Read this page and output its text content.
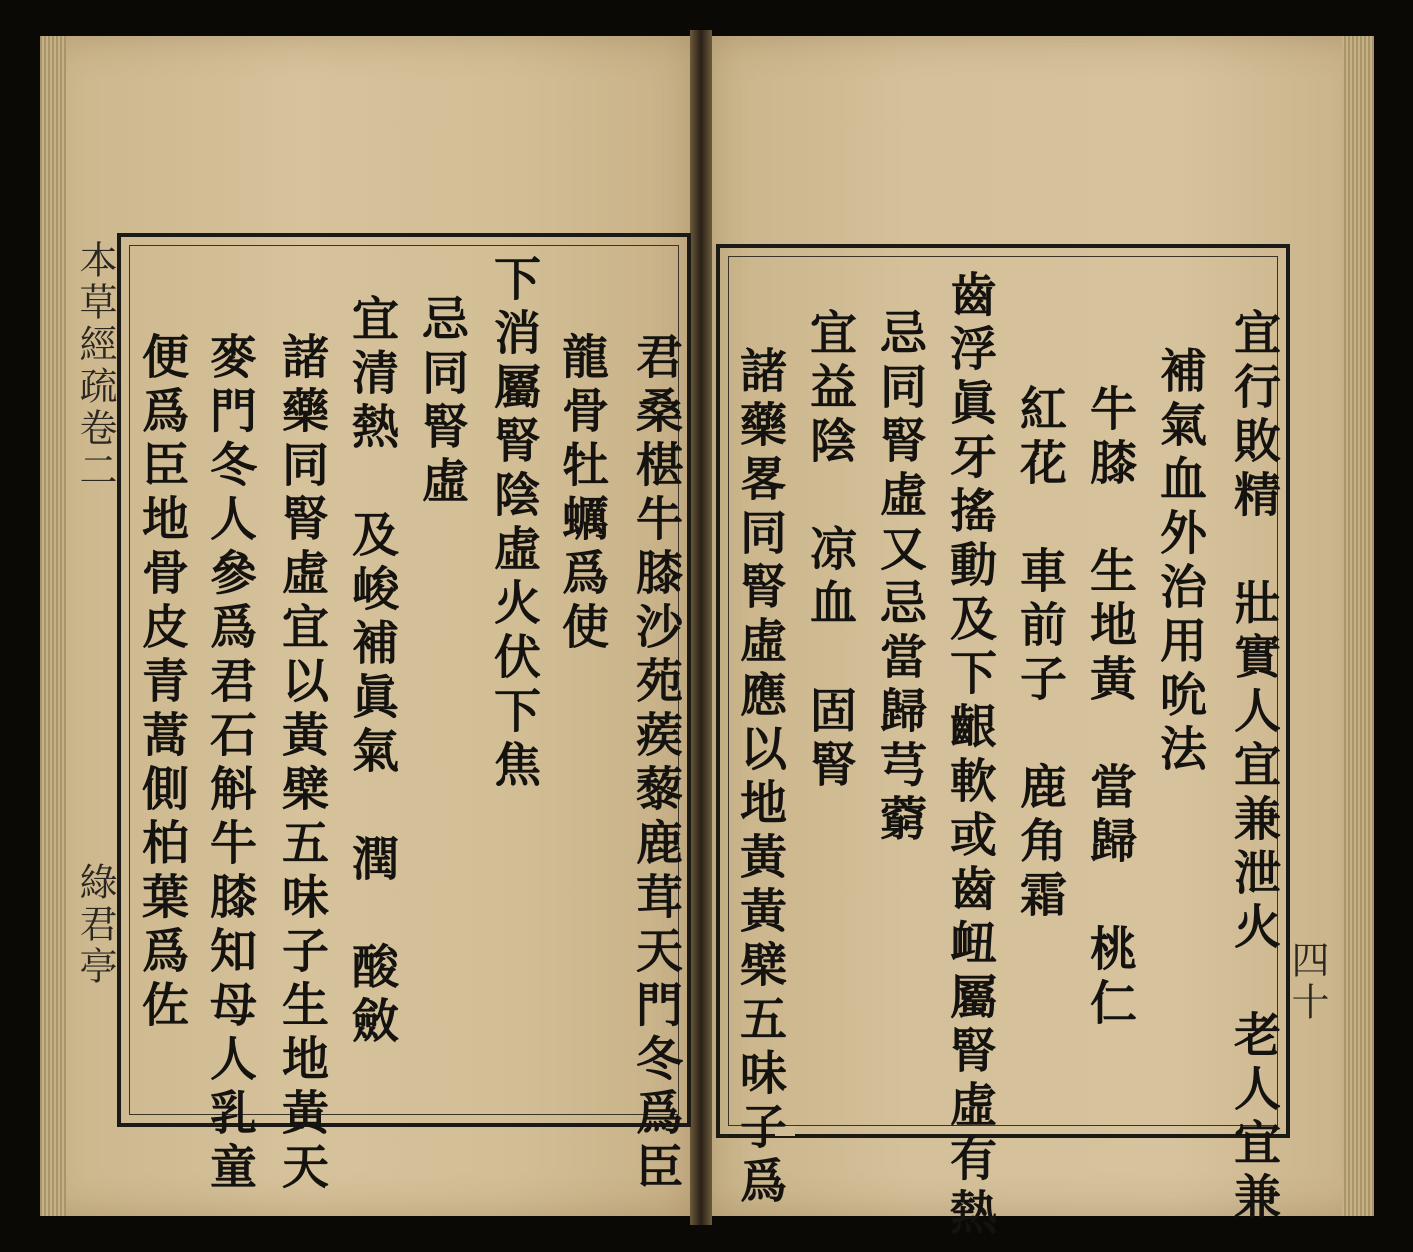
本草經疏卷二
綠君亭	四十
君桑椹牛膝沙苑蒺藜鹿茸天門冬爲臣
龍骨牡蠣爲使
下消屬腎陰虛火伏下焦
忌同腎虛
宜清熱　及峻補眞氣　潤　酸斂
諸藥同腎虛宜以黃檗五味子生地黃天
麥門冬人參爲君石斛牛膝知母人乳童
便爲臣地骨皮青蒿側柏葉爲佐	宜行敗精　壯實人宜兼泄火　老人宜兼
補氣血外治用吮法
牛膝　生地黃　當歸　桃仁
紅花　車前子　鹿角霜
齒浮眞牙搖動及下齦軟或齒衄屬腎虛有熱
忌同腎虛又忌當歸芎藭
宜益陰　凉血　固腎
諸藥畧同腎虛應以地黃黃檗五味子爲
